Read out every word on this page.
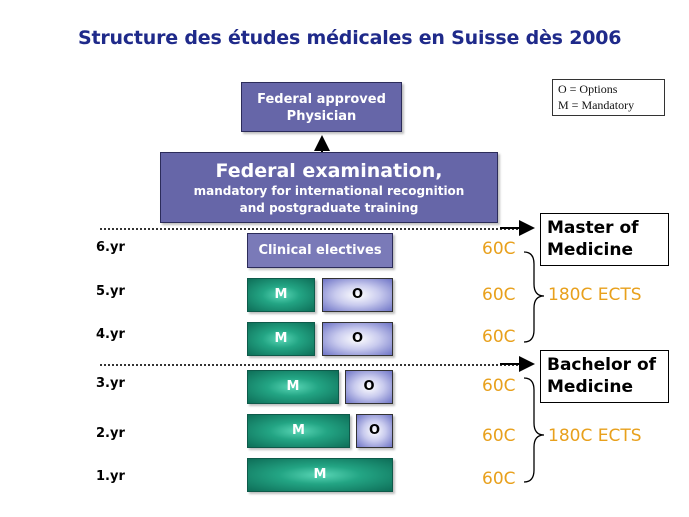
Structure des études médicales en Suisse dès 2006
O = Options
M = Mandatory
Federal approved
Physician
Federal examination,
mandatory for international recognition
and postgraduate training
Master of
Medicine
Bachelor of
Medicine
6.yr
5.yr
4.yr
3.yr
2.yr
1.yr
Clinical electives
M	O
M	O
M	O
M	O
M
60C
60C
60C
60C
60C
60C
180C ECTS
180C ECTS
